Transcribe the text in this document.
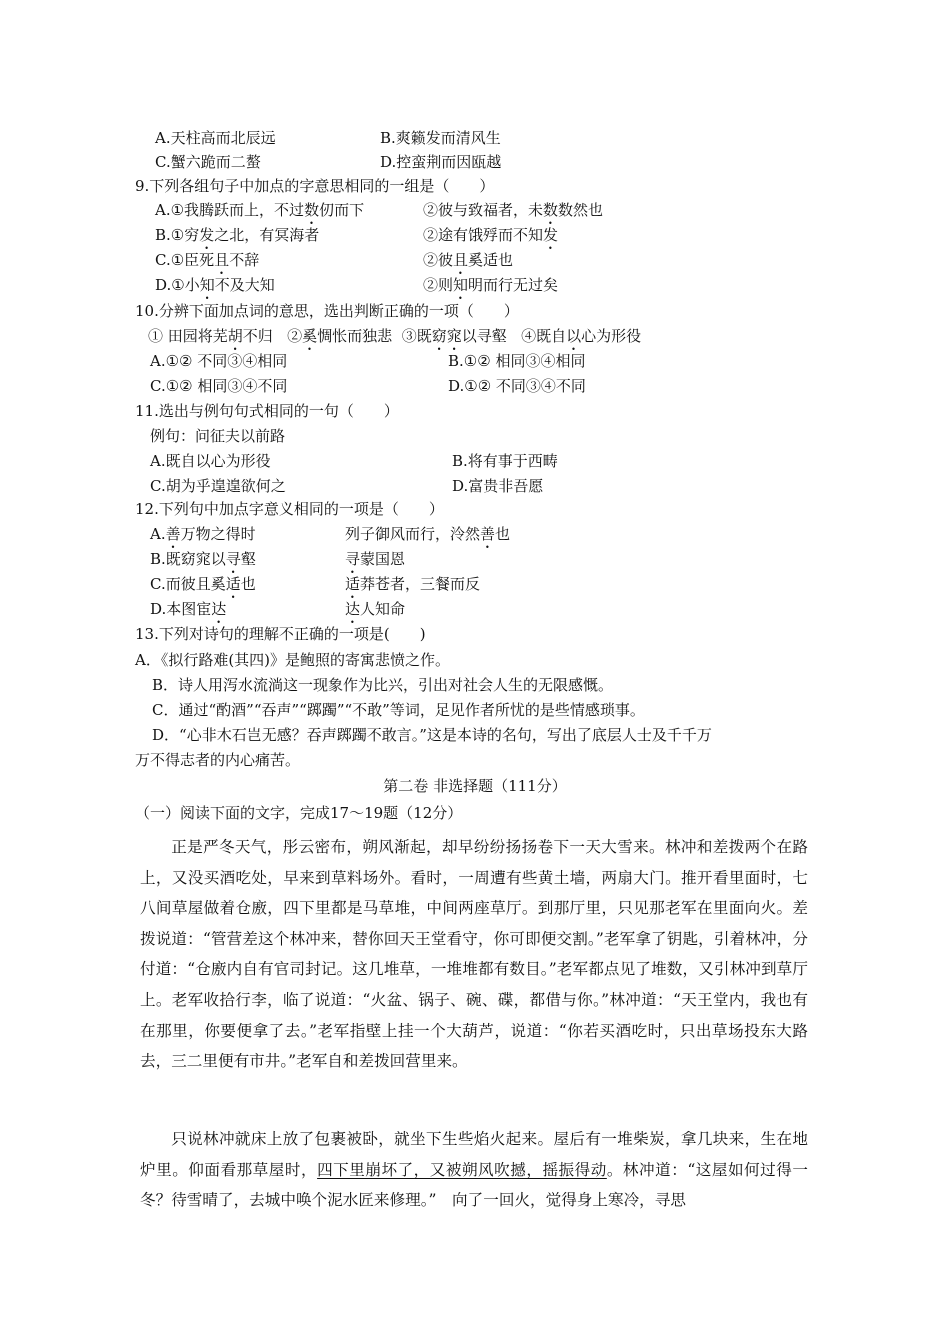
A.天柱高而北辰远	B.爽籁发而清风生
C.蟹六跪而二螯	D.控蛮荆而因瓯越
9.下列各组句子中加点的字意思相同的一组是（　　）
A.①我腾跃而上，不过数仞而下	②彼与致福者，未数数然也
B.①穷发之北，有冥海者	②途有饿殍而不知发
C.①臣死且不辞	②彼且奚适也
D.①小知不及大知	②则知明而行无过矣
10.分辨下面加点词的意思，选出判断正确的一项（　　）
① 田园将芜胡不归 ②奚惆怅而独悲 ③既窈窕以寻壑 ④既自以心为形役
A.①② 不同③④相同	B.①② 相同③④相同
C.①② 相同③④不同	D.①② 不同③④不同
11.选出与例句句式相同的一句（　　）
例句：问征夫以前路
A.既自以心为形役	B.将有事于西畴
C.胡为乎遑遑欲何之	D.富贵非吾愿
12.下列句中加点字意义相同的一项是（　　）
A.善万物之得时	列子御风而行，泠然善也
B.既窈窕以寻壑	寻蒙国恩
C.而彼且奚适也	适莽苍者，三餐而反
D.本图宦达	达人知命
13.下列对诗句的理解不正确的一项是(　　)
A．《拟行路难(其四)》是鲍照的寄寓悲愤之作。
B．诗人用泻水流淌这一现象作为比兴，引出对社会人生的无限感慨。
C．通过“酌酒”“吞声”“踯躅”“不敢”等词，足见作者所忧的是些情感琐事。
D．“心非木石岂无感？吞声踯躅不敢言。”这是本诗的名句，写出了底层人士及千千万
万不得志者的内心痛苦。
第二卷 非选择题（111分）
（一）阅读下面的文字，完成17～19题（12分）
正是严冬天气，彤云密布，朔风渐起，却早纷纷扬扬卷下一天大雪来。林冲和差拨两个在路上，又没买酒吃处，早来到草料场外。看时，一周遭有些黄土墙，两扇大门。推开看里面时，七八间草屋做着仓廒，四下里都是马草堆，中间两座草厅。到那厅里，只见那老军在里面向火。差拨说道：“管营差这个林冲来，替你回天王堂看守，你可即便交割。”老军拿了钥匙，引着林冲，分付道：“仓廒内自有官司封记。这几堆草，一堆堆都有数目。”老军都点见了堆数，又引林冲到草厅上。老军收拾行李，临了说道：“火盆、锅子、碗、碟，都借与你。”林冲道：“天王堂内，我也有在那里，你要便拿了去。”老军指壁上挂一个大葫芦，说道：“你若买酒吃时，只出草场投东大路去，三二里便有市井。”老军自和差拨回营里来。
只说林冲就床上放了包裹被卧，就坐下生些焰火起来。屋后有一堆柴炭，拿几块来，生在地炉里。仰面看那草屋时，四下里崩坏了，又被朔风吹撼，摇振得动。林冲道：“这屋如何过得一冬？待雪晴了，去城中唤个泥水匠来修理。”　向了一回火，觉得身上寒冷，寻思
